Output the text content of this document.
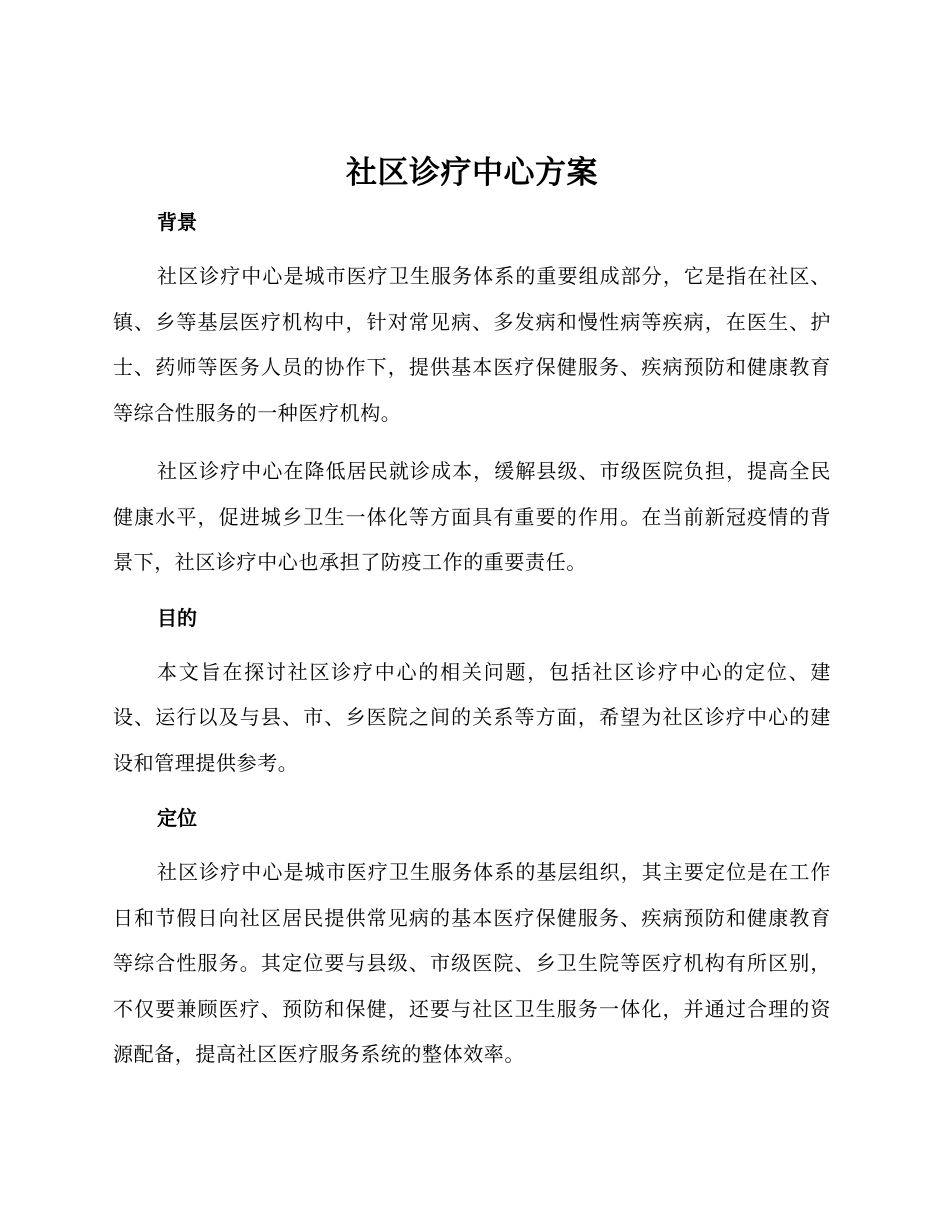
社区诊疗中心方案
背景

社区诊疗中心是城市医疗卫生服务体系的重要组成部分，它是指在社区、镇、乡等基层医疗机构中，针对常见病、多发病和慢性病等疾病，在医生、护士、药师等医务人员的协作下，提供基本医疗保健服务、疾病预防和健康教育等综合性服务的一种医疗机构。

社区诊疗中心在降低居民就诊成本，缓解县级、市级医院负担，提高全民健康水平，促进城乡卫生一体化等方面具有重要的作用。在当前新冠疫情的背景下，社区诊疗中心也承担了防疫工作的重要责任。

目的

本文旨在探讨社区诊疗中心的相关问题，包括社区诊疗中心的定位、建设、运行以及与县、市、乡医院之间的关系等方面，希望为社区诊疗中心的建设和管理提供参考。

定位

社区诊疗中心是城市医疗卫生服务体系的基层组织，其主要定位是在工作日和节假日向社区居民提供常见病的基本医疗保健服务、疾病预防和健康教育等综合性服务。其定位要与县级、市级医院、乡卫生院等医疗机构有所区别，不仅要兼顾医疗、预防和保健，还要与社区卫生服务一体化，并通过合理的资源配备，提高社区医疗服务系统的整体效率。
